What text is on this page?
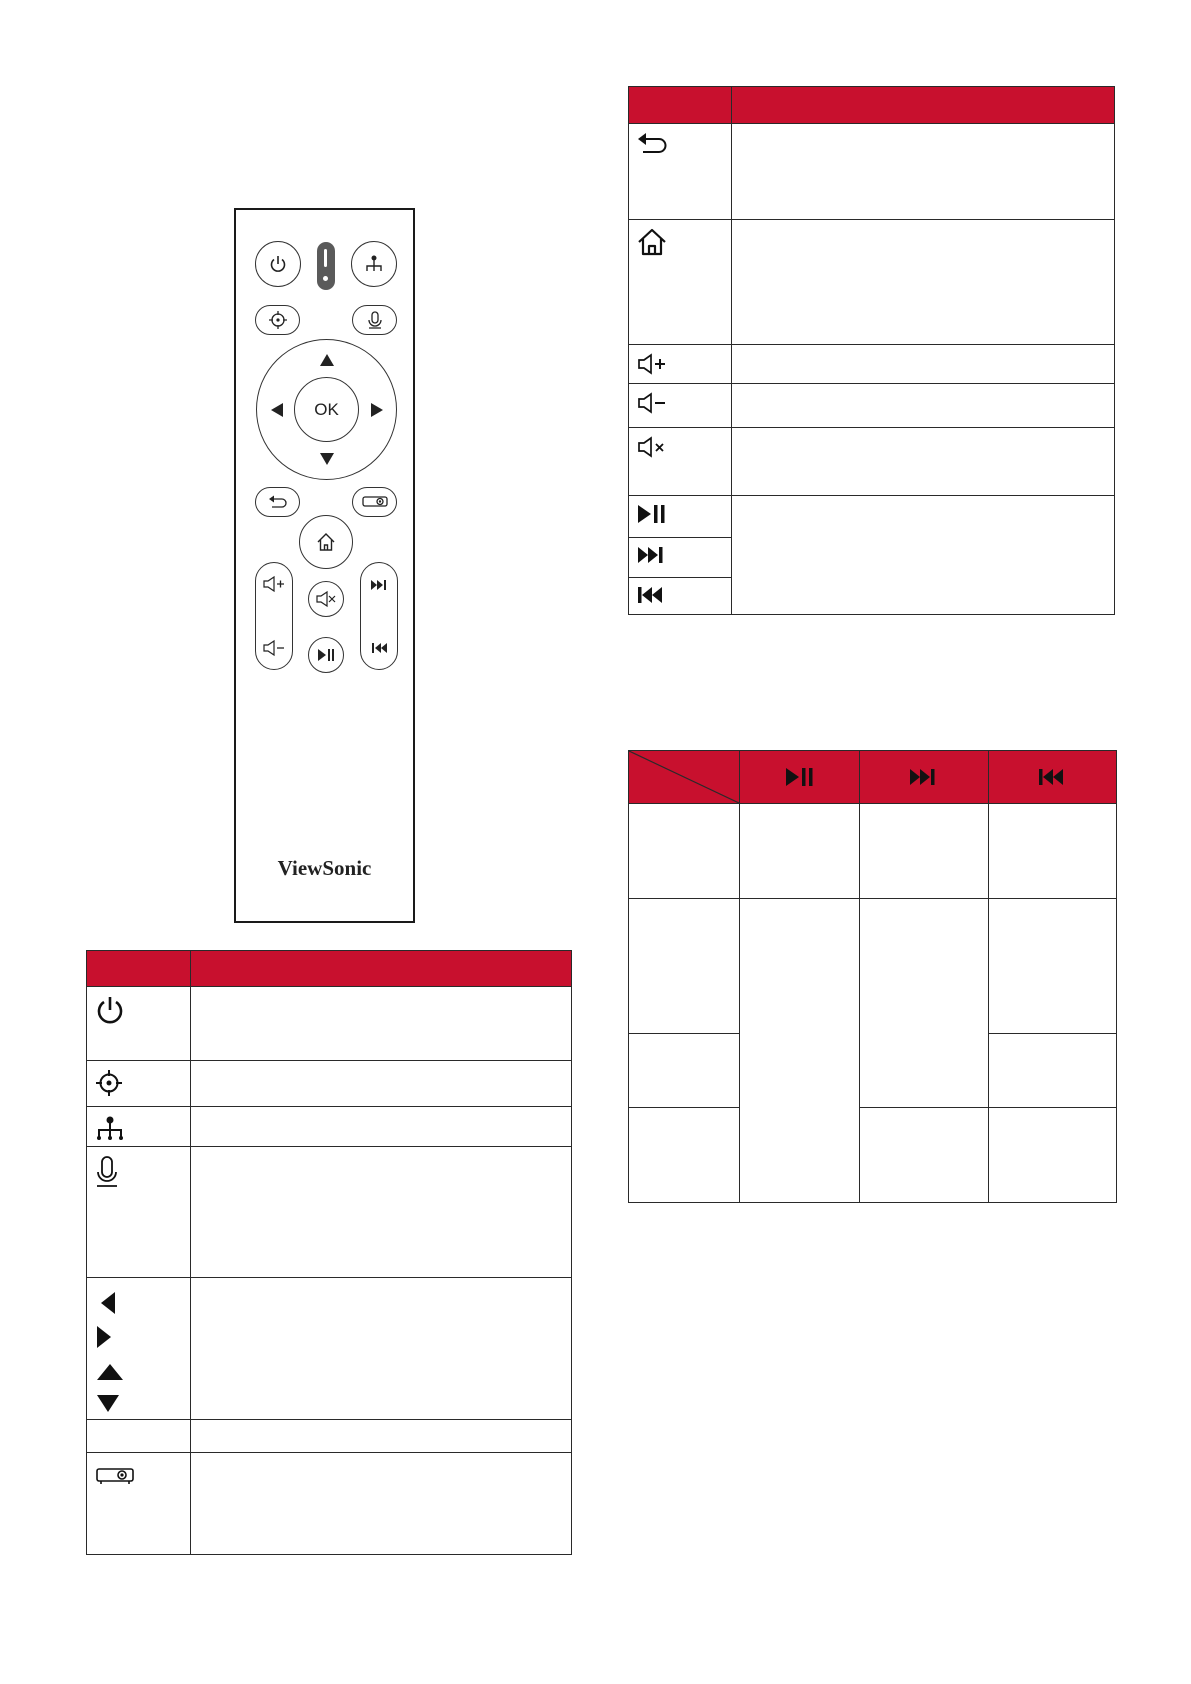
OK
ViewSonic
